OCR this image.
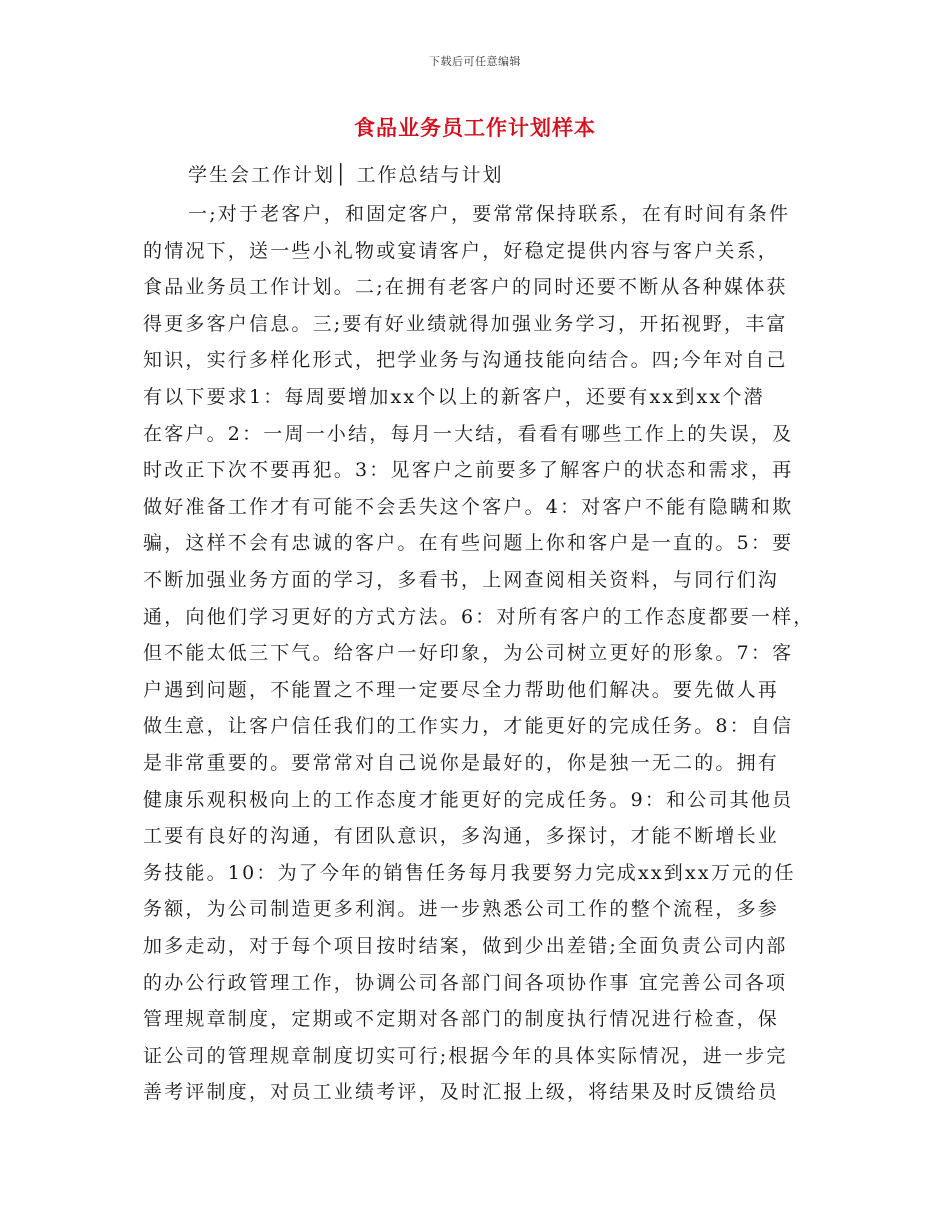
下载后可任意编辑
食品业务员工作计划样本
学生会工作计划│ 工作总结与计划
一;对于老客户，和固定客户，要常常保持联系，在有时间有条件
的情况下，送一些小礼物或宴请客户，好稳定提供内容与客户关系，
食品业务员工作计划。二;在拥有老客户的同时还要不断从各种媒体获
得更多客户信息。三;要有好业绩就得加强业务学习，开拓视野，丰富
知识，实行多样化形式，把学业务与沟通技能向结合。四;今年对自己
有以下要求1：每周要增加xx个以上的新客户，还要有xx到xx个潜
在客户。2：一周一小结，每月一大结，看看有哪些工作上的失误，及
时改正下次不要再犯。3：见客户之前要多了解客户的状态和需求，再
做好准备工作才有可能不会丢失这个客户。4：对客户不能有隐瞒和欺
骗，这样不会有忠诚的客户。在有些问题上你和客户是一直的。5：要
不断加强业务方面的学习，多看书，上网查阅相关资料，与同行们沟
通，向他们学习更好的方式方法。6：对所有客户的工作态度都要一样，
但不能太低三下气。给客户一好印象，为公司树立更好的形象。7：客
户遇到问题，不能置之不理一定要尽全力帮助他们解决。要先做人再
做生意，让客户信任我们的工作实力，才能更好的完成任务。8：自信
是非常重要的。要常常对自己说你是最好的，你是独一无二的。拥有
健康乐观积极向上的工作态度才能更好的完成任务。9：和公司其他员
工要有良好的沟通，有团队意识，多沟通，多探讨，才能不断增长业
务技能。10：为了今年的销售任务每月我要努力完成xx到xx万元的任
务额，为公司制造更多利润。进一步熟悉公司工作的整个流程，多参
加多走动，对于每个项目按时结案，做到少出差错;全面负责公司内部
的办公行政管理工作，协调公司各部门间各项协作事 宜完善公司各项
管理规章制度，定期或不定期对各部门的制度执行情况进行检查，保
证公司的管理规章制度切实可行;根据今年的具体实际情况，进一步完
善考评制度，对员工业绩考评，及时汇报上级，将结果及时反馈给员
